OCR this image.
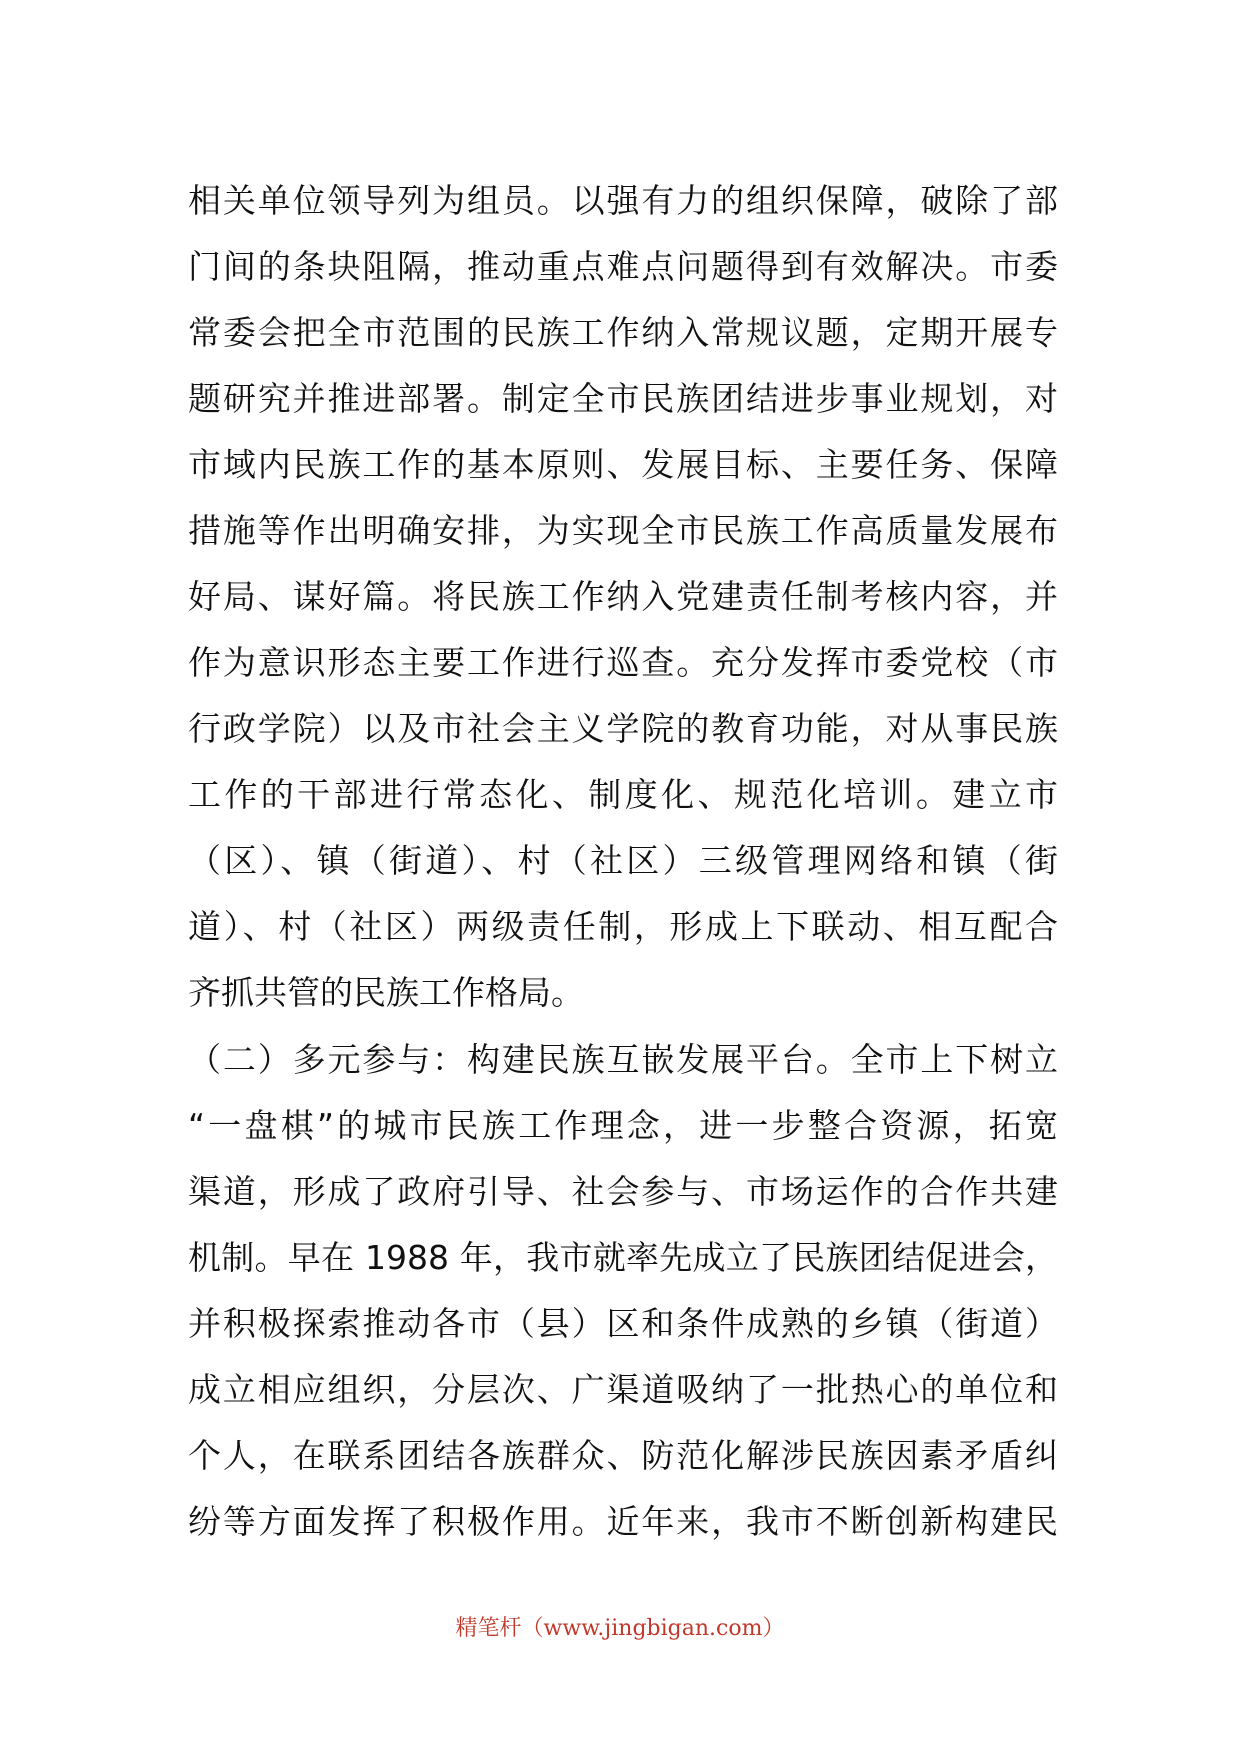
相关单位领导列为组员。以强有力的组织保障，破除了部
门间的条块阻隔，推动重点难点问题得到有效解决。市委
常委会把全市范围的民族工作纳入常规议题，定期开展专
题研究并推进部署。制定全市民族团结进步事业规划，对
市域内民族工作的基本原则、发展目标、主要任务、保障
措施等作出明确安排，为实现全市民族工作高质量发展布
好局、谋好篇。将民族工作纳入党建责任制考核内容，并
作为意识形态主要工作进行巡查。充分发挥市委党校（市
行政学院）以及市社会主义学院的教育功能，对从事民族
工作的干部进行常态化、制度化、规范化培训。建立市
（区）、镇（街道）、村（社区）三级管理网络和镇（街
道）、村（社区）两级责任制，形成上下联动、相互配合
齐抓共管的民族工作格局。
（二）多元参与：构建民族互嵌发展平台。全市上下树立
“一盘棋”的城市民族工作理念，进一步整合资源，拓宽
渠道，形成了政府引导、社会参与、市场运作的合作共建
机制。早在 1988 年，我市就率先成立了民族团结促进会，
并积极探索推动各市（县）区和条件成熟的乡镇（街道）
成立相应组织，分层次、广渠道吸纳了一批热心的单位和
个人，在联系团结各族群众、防范化解涉民族因素矛盾纠
纷等方面发挥了积极作用。近年来，我市不断创新构建民
精笔杆（www.jingbigan.com）
